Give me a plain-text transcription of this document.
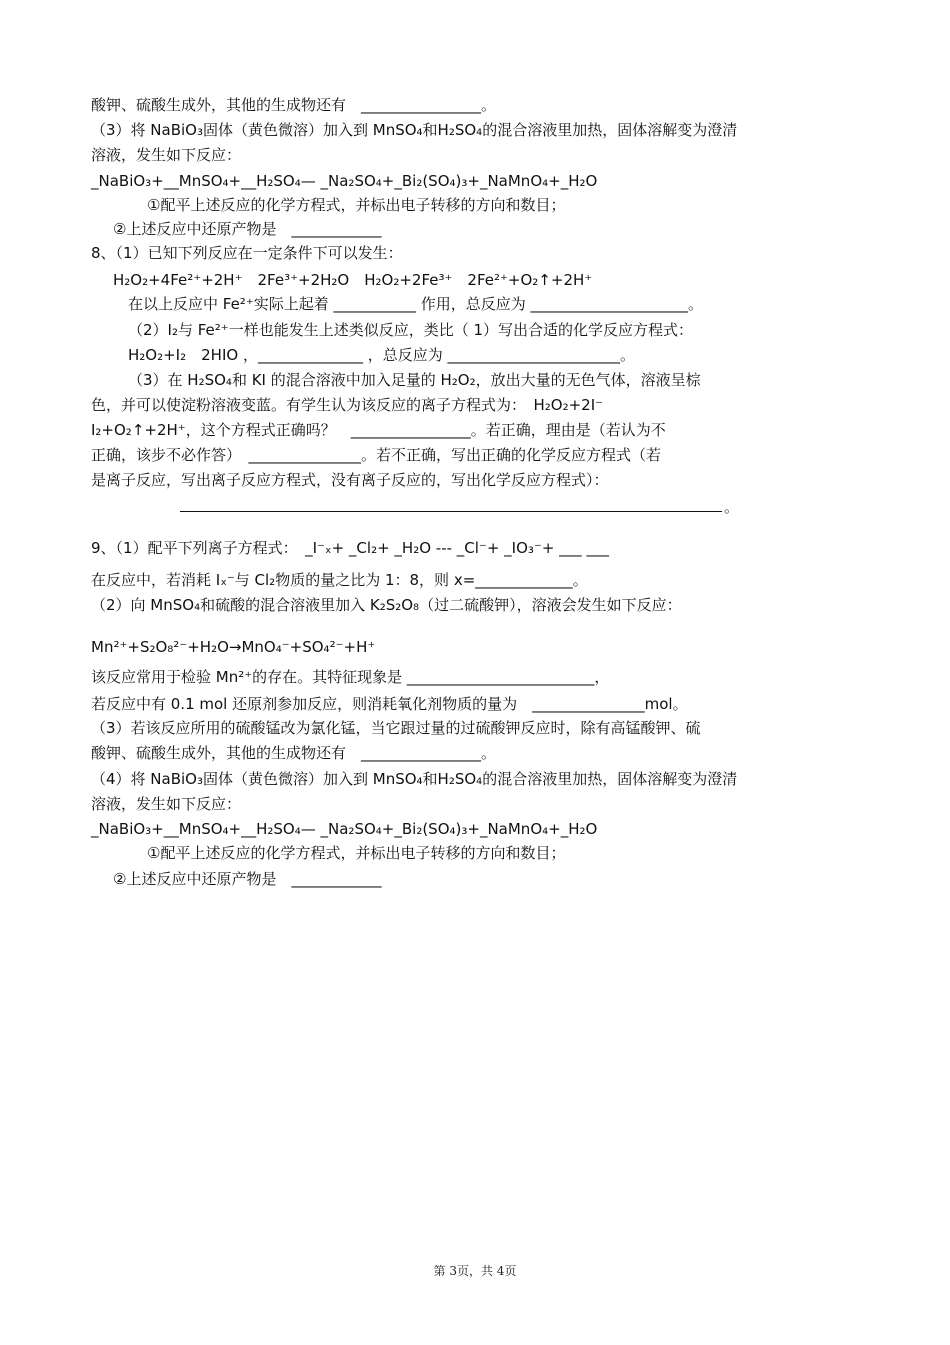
酸钾、硫酸生成外，其他的生成物还有　________________。
（3）将 NaBiO₃固体（黄色微溶）加入到 MnSO₄和H₂SO₄的混合溶液里加热，固体溶解变为澄清
溶液，发生如下反应：
_NaBiO₃+__MnSO₄+__H₂SO₄— _Na₂SO₄+_Bi₂(SO₄)₃+_NaMnO₄+_H₂O
①配平上述反应的化学方程式，并标出电子转移的方向和数目；
②上述反应中还原产物是　____________
8、（1）已知下列反应在一定条件下可以发生：
H₂O₂+4Fe²⁺+2H⁺　2Fe³⁺+2H₂O　H₂O₂+2Fe³⁺　2Fe²⁺+O₂↑+2H⁺
在以上反应中 Fe²⁺实际上起着 ___________ 作用，总反应为 _____________________。
（2）I₂与 Fe²⁺一样也能发生上述类似反应，类比（ 1）写出合适的化学反应方程式：
H₂O₂+I₂　2HIO ，______________ ，总反应为 _______________________。
（3）在 H₂SO₄和 KI 的混合溶液中加入足量的 H₂O₂，放出大量的无色气体，溶液呈棕
色，并可以使淀粉溶液变蓝。有学生认为该反应的离子方程式为：　H₂O₂+2I⁻
I₂+O₂↑+2H⁺，这个方程式正确吗？　________________。若正确，理由是（若认为不
正确，该步不必作答）　_______________。若不正确，写出正确的化学反应方程式（若
是离子反应，写出离子反应方程式，没有离子反应的，写出化学反应方程式）：
。
9、（1）配平下列离子方程式：　_I⁻ₓ+ _Cl₂+ _H₂O --- _Cl⁻+ _IO₃⁻+ ___ ___
在反应中，若消耗 Iₓ⁻与 Cl₂物质的量之比为 1：8，则 x=_____________。
（2）向 MnSO₄和硫酸的混合溶液里加入 K₂S₂O₈（过二硫酸钾），溶液会发生如下反应：
Mn²⁺+S₂O₈²⁻+H₂O→MnO₄⁻+SO₄²⁻+H⁺
该反应常用于检验 Mn²⁺的存在。其特征现象是 _________________________，
若反应中有 0.1 mol 还原剂参加反应，则消耗氧化剂物质的量为　_______________mol。
（3）若该反应所用的硫酸锰改为氯化锰，当它跟过量的过硫酸钾反应时，除有高锰酸钾、硫
酸钾、硫酸生成外，其他的生成物还有　________________。
（4）将 NaBiO₃固体（黄色微溶）加入到 MnSO₄和H₂SO₄的混合溶液里加热，固体溶解变为澄清
溶液，发生如下反应：
_NaBiO₃+__MnSO₄+__H₂SO₄— _Na₂SO₄+_Bi₂(SO₄)₃+_NaMnO₄+_H₂O
①配平上述反应的化学方程式，并标出电子转移的方向和数目；
②上述反应中还原产物是　____________
第 3页，共 4页
